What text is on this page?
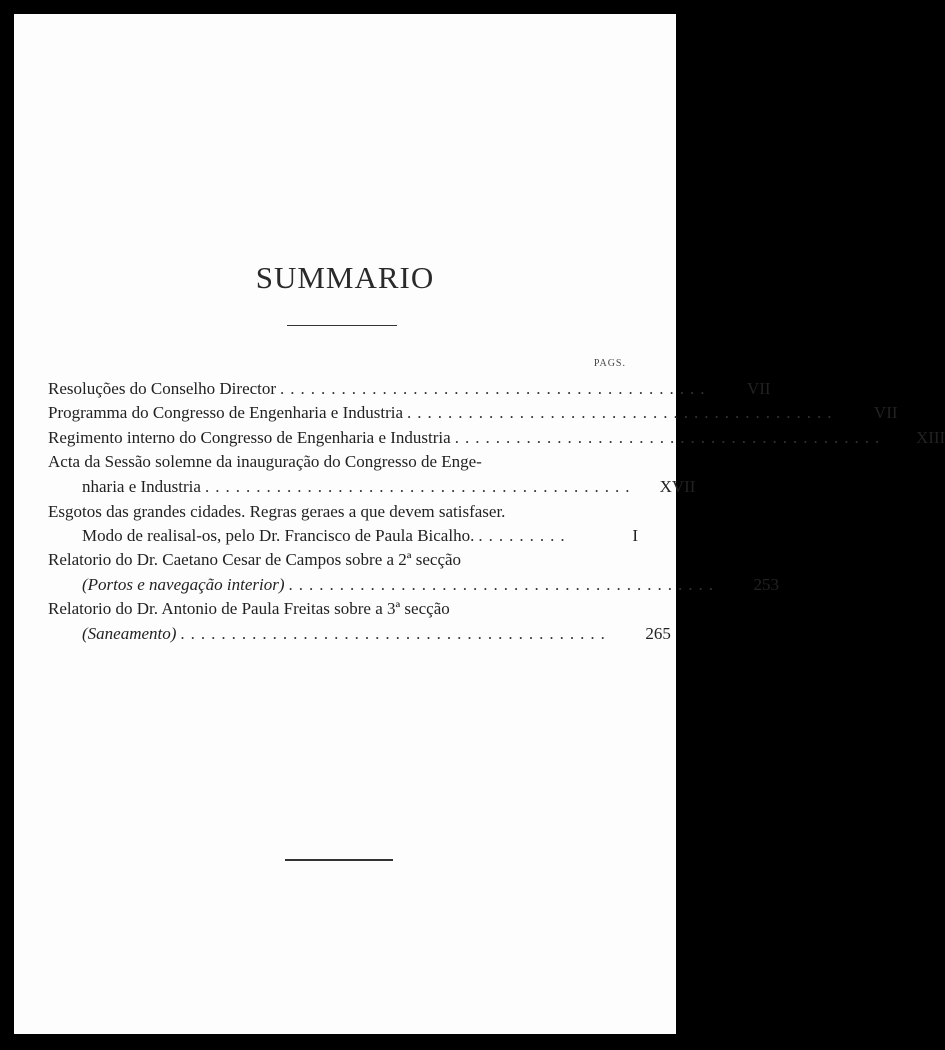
SUMMARIO
PAGS.
Resoluções do Conselho Director ..........................................	VII
Programma do Congresso de Engenharia e Industria ..........................................	VII
Regimento interno do Congresso de Engenharia e Industria ..........................................	XIII
Acta da Sessão solemne da inauguração do Congresso de Enge-
nharia e Industria ..........................................	XVII
Esgotos das grandes cidades. Regras geraes a que devem satisfaser.
Modo de realisal-os, pelo Dr. Francisco de Paula Bicalho. .........	I
Relatorio do Dr. Caetano Cesar de Campos sobre a 2ª secção
(Portos e navegação interior) ..........................................	253
Relatorio do Dr. Antonio de Paula Freitas sobre a 3ª secção
(Saneamento) ..........................................	265
